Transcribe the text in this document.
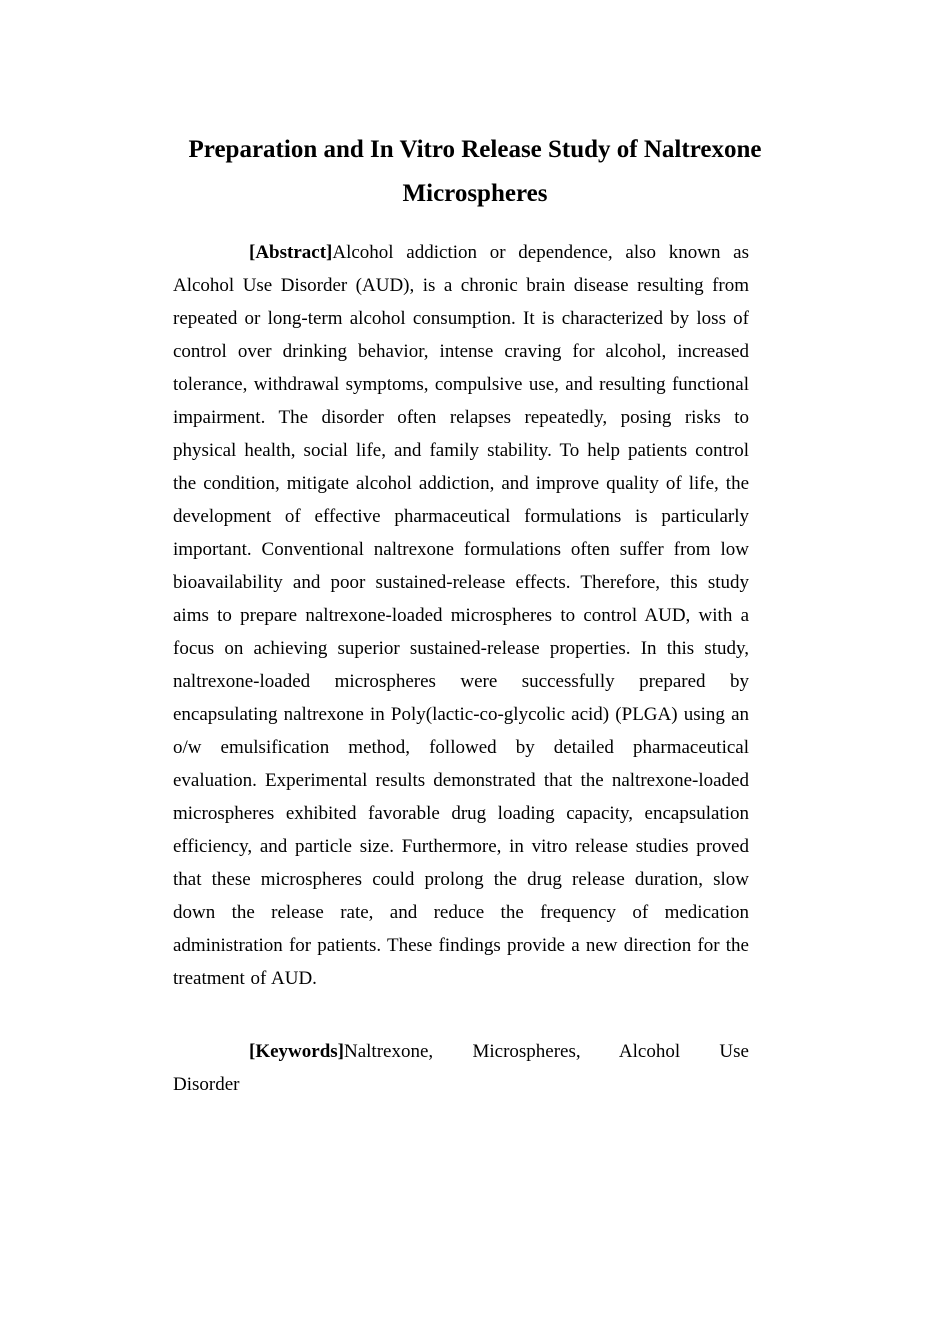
Preparation and In Vitro Release Study of Naltrexone Microspheres

[Abstract]Alcohol addiction or dependence, also known as Alcohol Use Disorder (AUD), is a chronic brain disease resulting from repeated or long-term alcohol consumption. It is characterized by loss of control over drinking behavior, intense craving for alcohol, increased tolerance, withdrawal symptoms, compulsive use, and resulting functional impairment. The disorder often relapses repeatedly, posing risks to physical health, social life, and family stability. To help patients control the condition, mitigate alcohol addiction, and improve quality of life, the development of effective pharmaceutical formulations is particularly important. Conventional naltrexone formulations often suffer from low bioavailability and poor sustained-release effects. Therefore, this study aims to prepare naltrexone-loaded microspheres to control AUD, with a focus on achieving superior sustained-release properties. In this study, naltrexone-loaded microspheres were successfully prepared by encapsulating naltrexone in Poly(lactic-co-glycolic acid) (PLGA) using an o/w emulsification method, followed by detailed pharmaceutical evaluation. Experimental results demonstrated that the naltrexone-loaded microspheres exhibited favorable drug loading capacity, encapsulation efficiency, and particle size. Furthermore, in vitro release studies proved that these microspheres could prolong the drug release duration, slow down the release rate, and reduce the frequency of medication administration for patients. These findings provide a new direction for the treatment of AUD.

[Keywords]Naltrexone, Microspheres, Alcohol Use Disorder
